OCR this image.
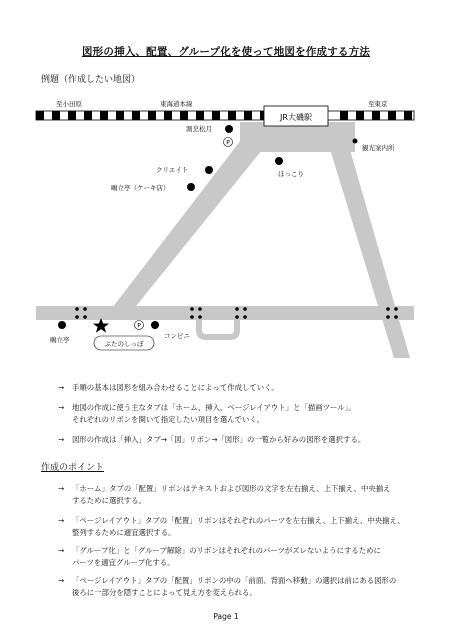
図形の挿入、配置、グループ化を使って地図を作成する方法
例題（作成したい地図）
JR大磯駅
至小田原	東海道本線	至東京
割烹松月
P
観光案内所
ほっこり
クリエイト
鴫立亭（ケーキ店）
鴫立亭	ぶたのしっぽ
P
コンビニ
→ 手順の基本は図形を組み合わせることによって作成していく。
→ 地図の作成に使う主なタブは「ホーム、挿入、ページレイアウト」と「描画ツール」。
それぞれのリボンを開いて指定したい項目を選んでいく。
→ 図形の作成は「挿入」タブ→「図」リボン→「図形」の一覧から好みの図形を選択する。
作成のポイント
→ 「ホーム」タブの「配置」リボンはテキストおよび図形の文字を左右揃え、上下揃え、中央揃え
するために選択する。
→ 「ページレイアウト」タブの「配置」リボンはそれぞれのパーツを左右揃え、上下揃え、中央揃え、
整列するために適宜選択する。
→ 「グループ化」と「グループ解除」のリボンはそれぞれのパーツがズレないようにするために
パーツを適宜グループ化する。
→ 「ページレイアウト」タブの「配置」リボンの中の「前面、背面へ移動」の選択は前にある図形の
後ろに一部分を隠すことによって見え方を変えられる。
Page 1
